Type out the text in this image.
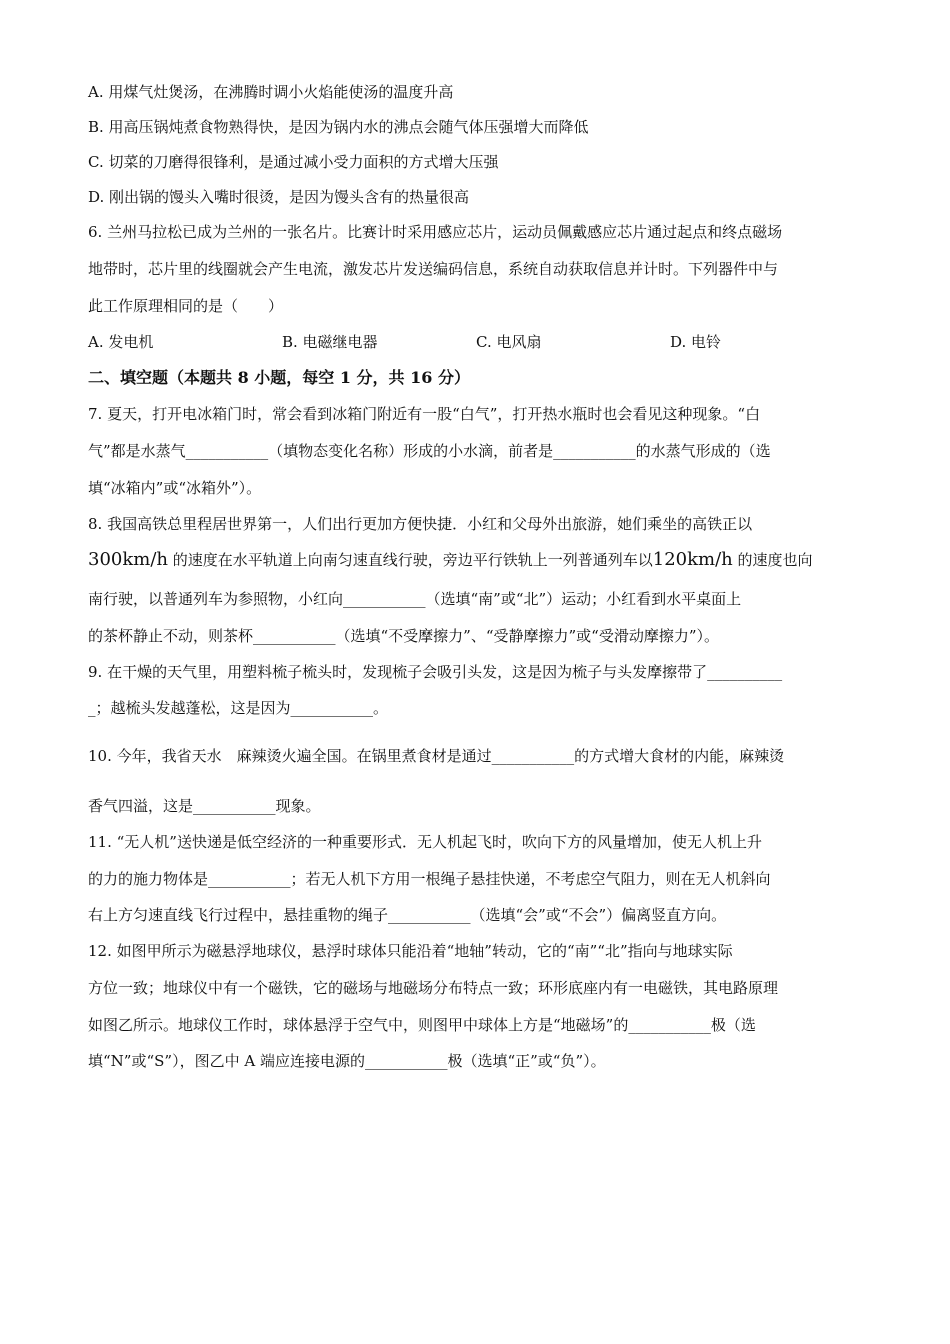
A. 用煤气灶煲汤，在沸腾时调小火焰能使汤的温度升高
B. 用高压锅炖煮食物熟得快，是因为锅内水的沸点会随气体压强增大而降低
C. 切菜的刀磨得很锋利，是通过减小受力面积的方式增大压强
D. 刚出锅的馒头入嘴时很烫，是因为馒头含有的热量很高
6. 兰州马拉松已成为兰州的一张名片。比赛计时采用感应芯片，运动员佩戴感应芯片通过起点和终点磁场
地带时，芯片里的线圈就会产生电流，激发芯片发送编码信息，系统自动获取信息并计时。下列器件中与
此工作原理相同的是（　　）
A. 发电机	B. 电磁继电器	C. 电风扇	D. 电铃
二、填空题（本题共 8 小题，每空 1 分，共 16 分）
7. 夏天，打开电冰箱门时，常会看到冰箱门附近有一股“白气”，打开热水瓶时也会看见这种现象。“白
气”都是水蒸气___________（填物态变化名称）形成的小水滴，前者是___________的水蒸气形成的（选
填“冰箱内”或“冰箱外”）。
8. 我国高铁总里程居世界第一，人们出行更加方便快捷．小红和父母外出旅游，她们乘坐的高铁正以
300km/h 的速度在水平轨道上向南匀速直线行驶，旁边平行铁轨上一列普通列车以120km/h 的速度也向
南行驶，以普通列车为参照物，小红向___________（选填“南”或“北”）运动；小红看到水平桌面上
的茶杯静止不动，则茶杯___________（选填“不受摩擦力”、“受静摩擦力”或“受滑动摩擦力”）。
9. 在干燥的天气里，用塑料梳子梳头时，发现梳子会吸引头发，这是因为梳子与头发摩擦带了__________
_；越梳头发越蓬松，这是因为___________。
10. 今年，我省天水　麻辣烫火遍全国。在锅里煮食材是通过___________的方式增大食材的内能，麻辣烫
香气四溢，这是___________现象。
11. “无人机”送快递是低空经济的一种重要形式．无人机起飞时，吹向下方的风量增加，使无人机上升
的力的施力物体是___________；若无人机下方用一根绳子悬挂快递，不考虑空气阻力，则在无人机斜向
右上方匀速直线飞行过程中，悬挂重物的绳子___________（选填“会”或“不会”）偏离竖直方向。
12. 如图甲所示为磁悬浮地球仪，悬浮时球体只能沿着“地轴”转动，它的“南”“北”指向与地球实际
方位一致；地球仪中有一个磁铁，它的磁场与地磁场分布特点一致；环形底座内有一电磁铁，其电路原理
如图乙所示。地球仪工作时，球体悬浮于空气中，则图甲中球体上方是“地磁场”的___________极（选
填“N”或“S”），图乙中 A 端应连接电源的___________极（选填“正”或“负”）。
